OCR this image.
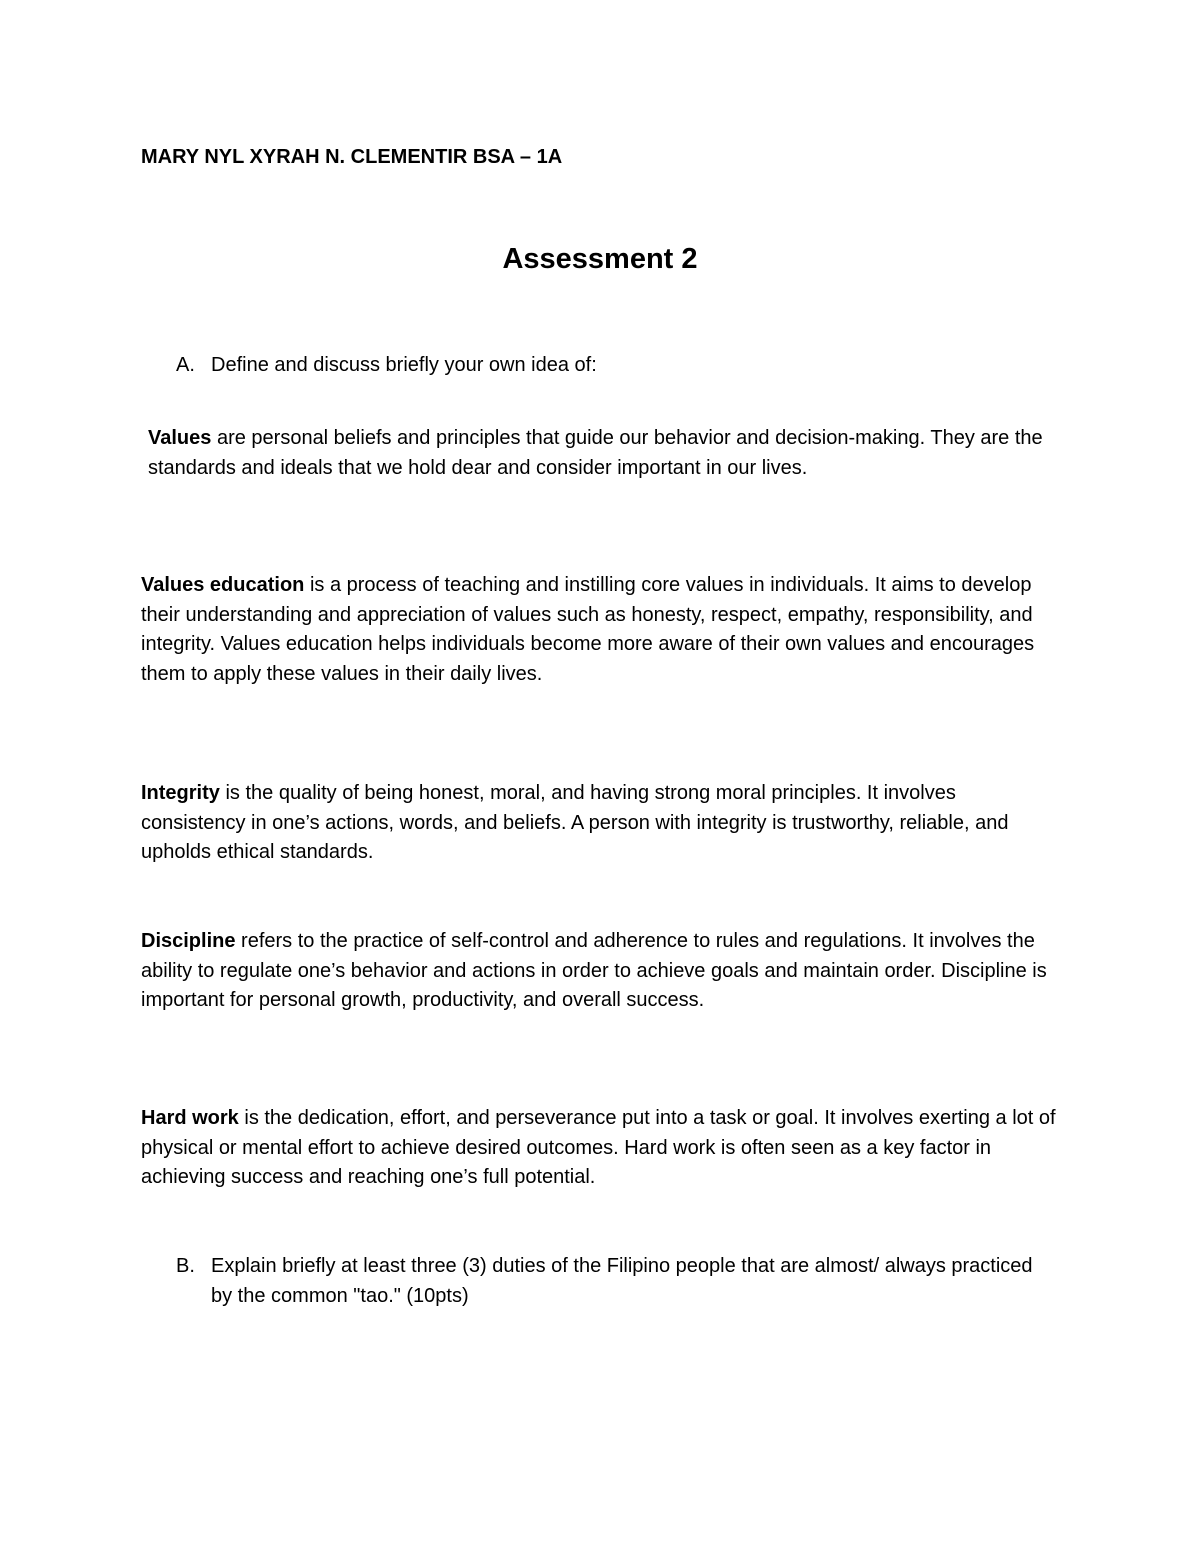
MARY NYL XYRAH N. CLEMENTIR BSA – 1A

Assessment 2
A. Define and discuss briefly your own idea of:

Values are personal beliefs and principles that guide our behavior and decision-making. They are the standards and ideals that we hold dear and consider important in our lives.

Values education is a process of teaching and instilling core values in individuals. It aims to develop their understanding and appreciation of values such as honesty, respect, empathy, responsibility, and integrity. Values education helps individuals become more aware of their own values and encourages them to apply these values in their daily lives.

Integrity is the quality of being honest, moral, and having strong moral principles. It involves consistency in one’s actions, words, and beliefs. A person with integrity is trustworthy, reliable, and upholds ethical standards.

Discipline refers to the practice of self-control and adherence to rules and regulations. It involves the ability to regulate one’s behavior and actions in order to achieve goals and maintain order. Discipline is important for personal growth, productivity, and overall success.

Hard work is the dedication, effort, and perseverance put into a task or goal. It involves exerting a lot of physical or mental effort to achieve desired outcomes. Hard work is often seen as a key factor in achieving success and reaching one’s full potential.

B. Explain briefly at least three (3) duties of the Filipino people that are almost/ always practiced by the common "tao." (10pts)
